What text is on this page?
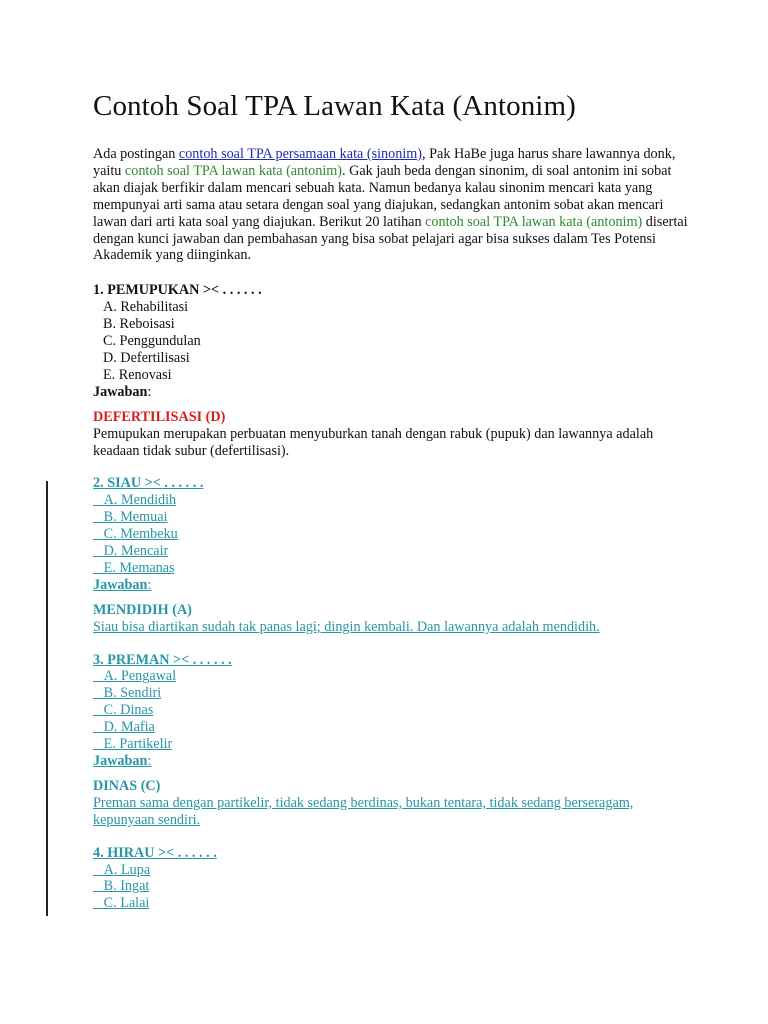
Contoh Soal TPA Lawan Kata (Antonim)

Ada postingan contoh soal TPA persamaan kata (sinonim), Pak HaBe juga harus share lawannya donk, yaitu contoh soal TPA lawan kata (antonim). Gak jauh beda dengan sinonim, di soal antonim ini sobat akan diajak berfikir dalam mencari sebuah kata. Namun bedanya kalau sinonim mencari kata yang mempunyai arti sama atau setara dengan soal yang diajukan, sedangkan antonim sobat akan mencari lawan dari arti kata soal yang diajukan. Berikut 20 latihan contoh soal TPA lawan kata (antonim) disertai dengan kunci jawaban dan pembahasan yang bisa sobat pelajari agar bisa sukses dalam Tes Potensi Akademik yang diinginkan.

1. PEMUPUKAN >< . . . . . .
A. Rehabilitasi
B. Reboisasi
C. Penggundulan
D. Defertilisasi
E. Renovasi
Jawaban:
DEFERTILISASI (D)

Pemupukan merupakan perbuatan menyuburkan tanah dengan rabuk (pupuk) dan lawannya adalah keadaan tidak subur (defertilisasi).

2. SIAU >< . . . . . .
A. Mendidih
B. Memuai
C. Membeku
D. Mencair
E. Memanas
Jawaban:
MENDIDIH (A)
Siau bisa diartikan sudah tak panas lagi; dingin kembali. Dan lawannya adalah mendidih.
3. PREMAN >< . . . . . .
A. Pengawal
B. Sendiri
C. Dinas
D. Mafia
E. Partikelir
Jawaban:
DINAS (C)
Preman sama dengan partikelir, tidak sedang berdinas, bukan tentara, tidak sedang berseragam, kepunyaan sendiri.
4. HIRAU >< . . . . . .
A. Lupa
B. Ingat
C. Lalai
